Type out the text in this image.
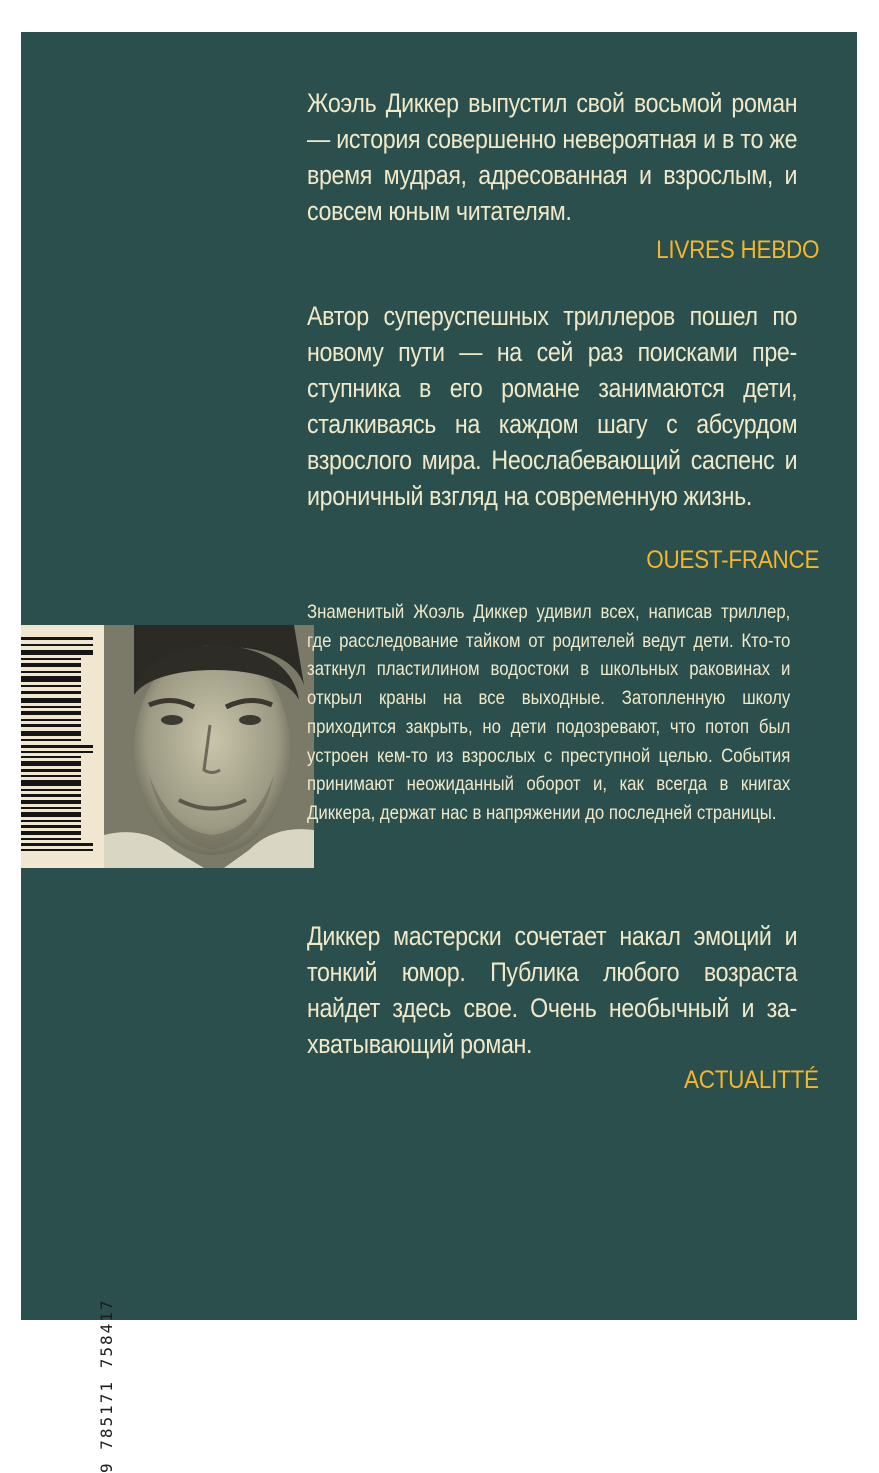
Жоэль Диккер выпустил свой восьмой роман — история совершенно невероятная и в то же время мудрая, адресованная и взрослым, и совсем юным читателям.

LIVRES HEBDO

Автор суперуспешных триллеров пошел по новому пути — на сей раз поисками преступника в его романе занимаются дети, сталкиваясь на каждом шагу с абсурдом взрослого мира. Неослабевающий саспенс и ироничный взгляд на современную жизнь.

OUEST-FRANCE
9 785171 758417
Знаменитый Жоэль Диккер удивил всех, написав триллер, где расследование тайком от родителей ведут дети. Кто-то заткнул пластилином водостоки в школьных раковинах и открыл краны на все выходные. Затопленную школу приходится закрыть, но дети подозревают, что потоп был устроен кем-то из взрослых с преступной целью. События принимают неожиданный оборот и, как всегда в книгах Диккера, держат нас в напряжении до последней страницы.

Диккер мастерски сочетает накал эмоций и тонкий юмор. Публика любого возраста найдет здесь свое. Очень необычный и захватывающий роман.

ACTUALITTÉ
